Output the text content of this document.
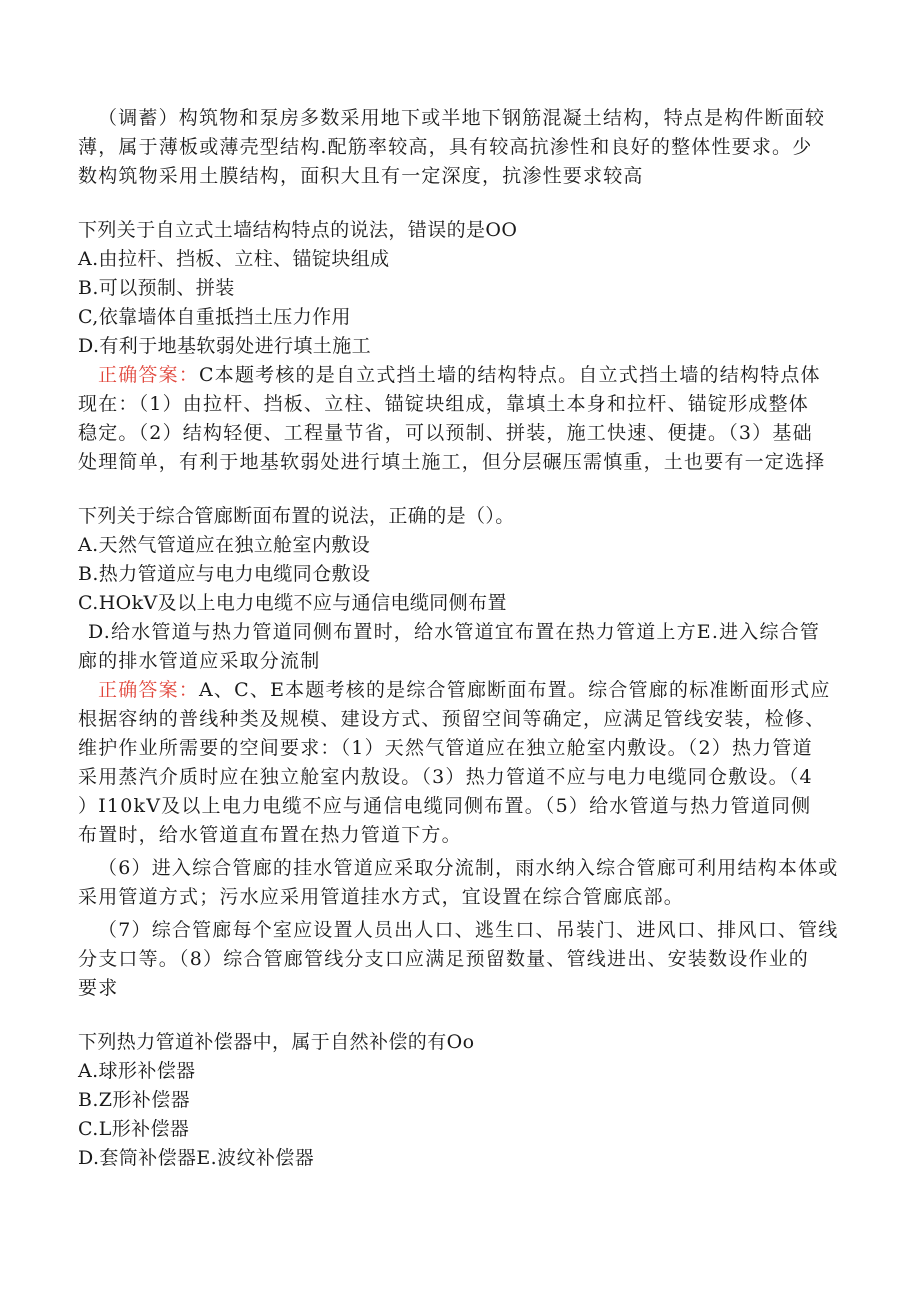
（调蓄）构筑物和泵房多数采用地下或半地下钢筋混凝土结构，特点是构件断面较
薄，属于薄板或薄壳型结构.配筋率较高，具有较高抗渗性和良好的整体性要求。少
数构筑物采用土膜结构，面积大且有一定深度，抗渗性要求较高
下列关于自立式土墙结构特点的说法，错误的是OO
A.由拉杆、挡板、立柱、锚锭块组成
B.可以预制、拼装
C,依靠墙体自重抵挡土压力作用
D.有利于地基软弱处进行填土施工
正确答案：C本题考核的是自立式挡土墙的结构特点。自立式挡土墙的结构特点体
现在：（1）由拉杆、挡板、立柱、锚锭块组成，靠填土本身和拉杆、锚锭形成整体
稳定。（2）结构轻便、工程量节省，可以预制、拼装，施工快速、便捷。（3）基础
处理简单，有利于地基软弱处进行填土施工，但分层碾压需慎重，土也要有一定选择
下列关于综合管廊断面布置的说法，正确的是（）。
A.天然气管道应在独立舱室内敷设
B.热力管道应与电力电缆同仓敷设
C.HOkV及以上电力电缆不应与通信电缆同侧布置
D.给水管道与热力管道同侧布置时，给水管道宜布置在热力管道上方E.进入综合管
廊的排水管道应采取分流制
正确答案：A、C、E本题考核的是综合管廊断面布置。综合管廊的标准断面形式应
根据容纳的普线种类及规模、建设方式、预留空间等确定，应满足管线安装，检修、
维护作业所需要的空间要求：（1）天然气管道应在独立舱室内敷设。（2）热力管道
采用蒸汽介质时应在独立舱室内敖设。（3）热力管道不应与电力电缆同仓敷设。（4
）I10kV及以上电力电缆不应与通信电缆同侧布置。（5）给水管道与热力管道同侧
布置时，给水管道直布置在热力管道下方。
（6）进入综合管廊的挂水管道应采取分流制，雨水纳入综合管廊可利用结构本体或
采用管道方式；污水应采用管道挂水方式，宜设置在综合管廊底部。
（7）综合管廊每个室应设置人员出人口、逃生口、吊装门、进风口、排风口、管线
分支口等。（8）综合管廊管线分支口应满足预留数量、管线进出、安装数设作业的
要求
下列热力管道补偿器中，属于自然补偿的有Oo
A.球形补偿器
B.Z形补偿器
C.L形补偿器
D.套筒补偿器E.波纹补偿器
